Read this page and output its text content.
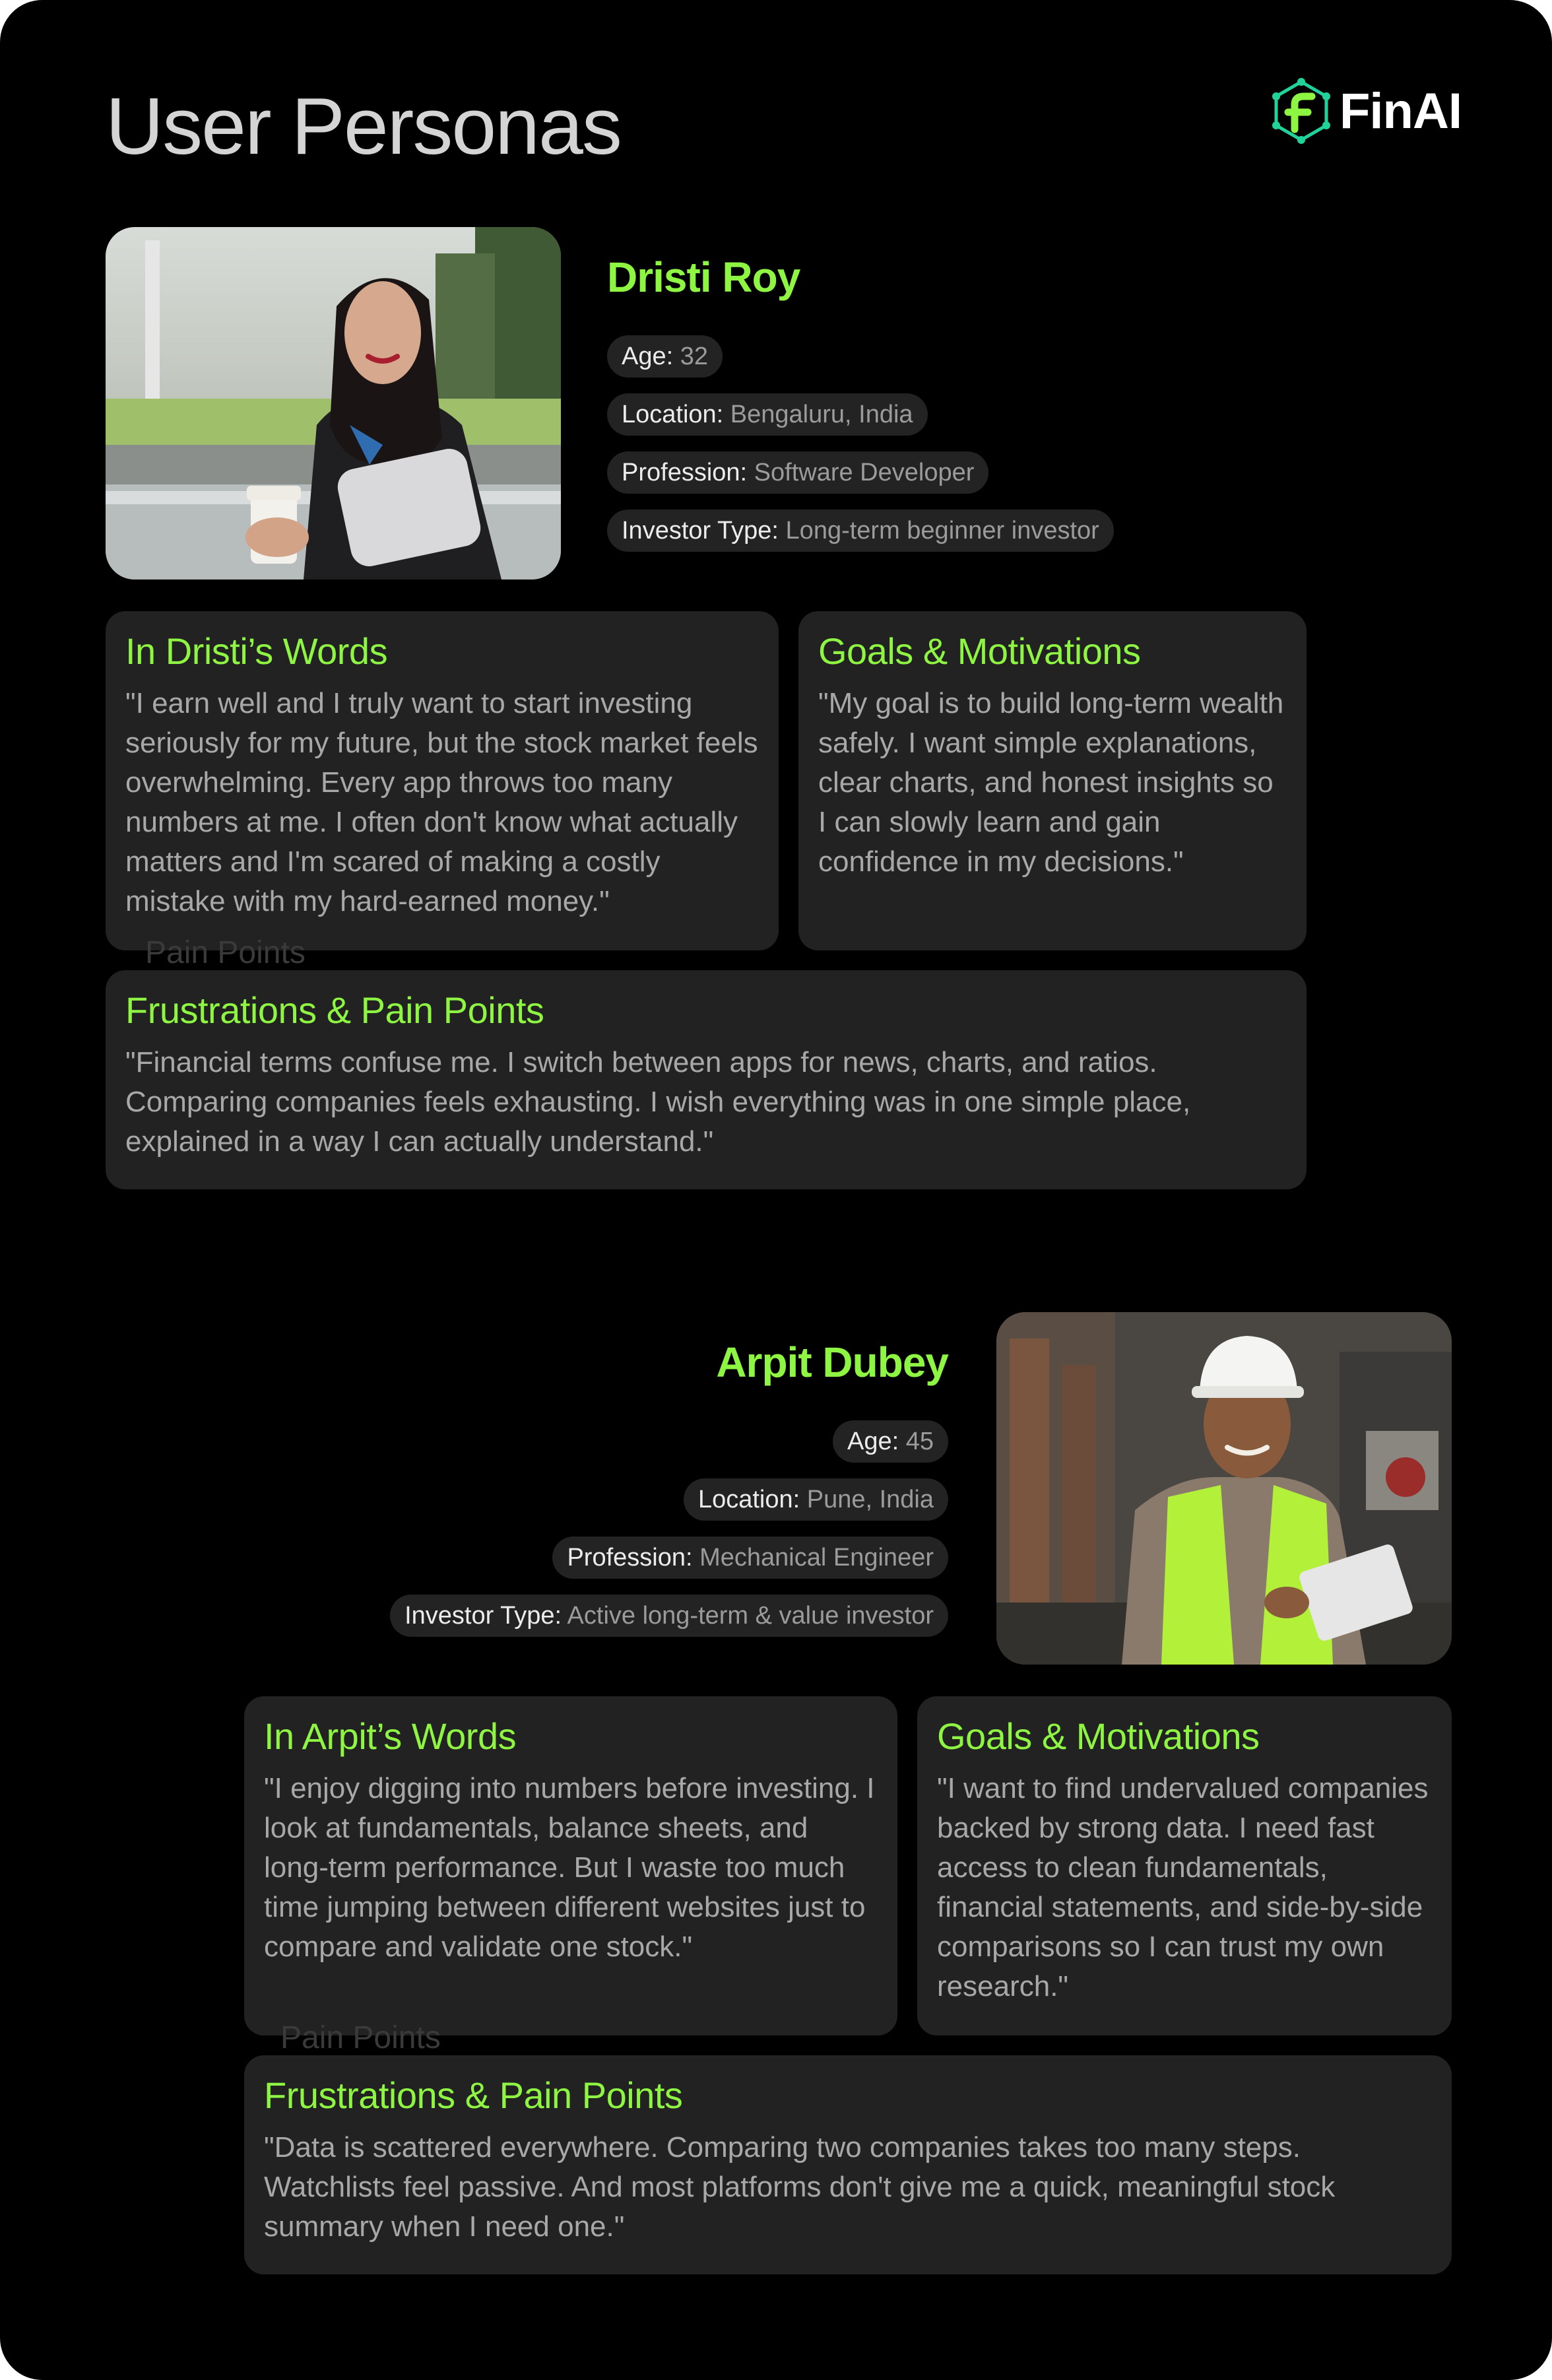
User Personas	FinAI
Dristi Roy
Age: 32
Location: Bengaluru, India
Profession: Software Developer
Investor Type: Long-term beginner investor
In Dristi’s Words

"I earn well and I truly want to start investing seriously for my future, but the stock market feels overwhelming. Every app throws too many numbers at me. I often don't know what actually matters and I'm scared of making a costly mistake with my hard-earned money."

Goals & Motivations

"My goal is to build long-term wealth safely. I want simple explanations, clear charts, and honest insights so I can slowly learn and gain confidence in my decisions."

Pain Points
Frustrations & Pain Points

"Financial terms confuse me. I switch between apps for news, charts, and ratios. Comparing companies feels exhausting. I wish everything was in one simple place, explained in a way I can actually understand."

Arpit Dubey
Age: 45
Location: Pune, India
Profession: Mechanical Engineer
Investor Type: Active long-term & value investor
In Arpit’s Words

"I enjoy digging into numbers before investing. I look at fundamentals, balance sheets, and long-term performance. But I waste too much time jumping between different websites just to compare and validate one stock."

Goals & Motivations

"I want to find undervalued companies backed by strong data. I need fast access to clean fundamentals, financial statements, and side-by-side comparisons so I can trust my own research."

Pain Points
Frustrations & Pain Points

"Data is scattered everywhere. Comparing two companies takes too many steps. Watchlists feel passive. And most platforms don't give me a quick, meaningful stock summary when I need one."
